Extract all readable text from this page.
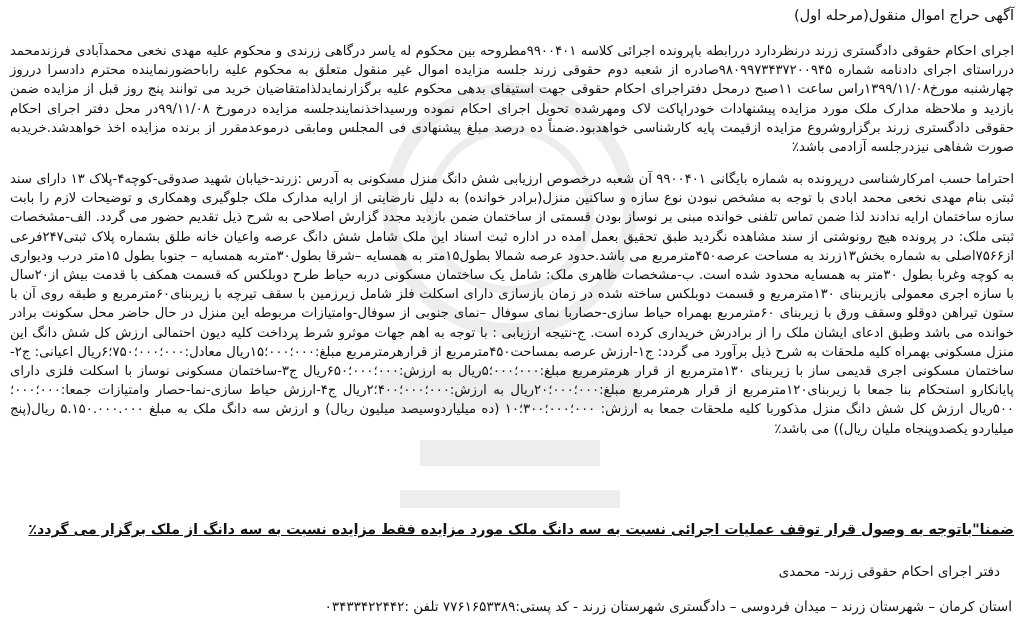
آگهی حراج اموال منقول(مرحله اول)

اجرای احکام حقوقی دادگستری زرند درنظردارد دررابطه باپرونده اجرائی کلاسه ۹۹۰۰۴۰۱مطروحه بین محکوم له یاسر درگاهی زرندی و محکوم علیه مهدی نخعی محمدآبادی فرزندمحمد درراستای اجرای دادنامه شماره ۹۸۰۹۹۷۳۴۳۷۲۰۰۹۴۵صادره از شعبه دوم حقوقی زرند جلسه مزایده اموال غیر منقول متعلق به محکوم علیه راباحضورنماینده محترم دادسرا درروز چهارشنبه مورخ۱۳۹۹/۱۱/۰۸راس ساعت ۱۱صبح درمحل دفتراجرای احکام حقوقی جهت استیفای بدهی محکوم علیه برگزارنمایدلذامتقاضیان خرید می توانند پنج روز قبل از مزایده ضمن بازدید و ملاحظه مدارک ملک مورد مزایده پیشنهادات خودراپاکت لاک ومهرشده تحویل اجرای احکام نموده ورسیداخذنمایندجلسه مزایده درمورخ ۹۹/۱۱/۰۸در محل دفتر اجرای احکام حقوقی دادگستری زرند برگزاروشروع مزایده ازقیمت پایه کارشناسی خواهدبود.ضمناً ده درصد مبلغ پیشنهادی فی المجلس ومابقی درموعدمقرر از برنده مزایده اخذ خواهدشد.خریدبه صورت شفاهی نیزدرجلسه آزادمی باشد٪

احتراما حسب امرکارشناسی درپرونده به شماره بایگانی ۹۹۰۰۴۰۱ آن شعبه درخصوص ارزیابی شش دانگ منزل مسکونی به آدرس :زرند-خیابان شهید صدوقی-کوچه۴-پلاک ۱۳ دارای سند ثبتی بنام مهدی نخعی محمد ابادی با توجه به مشخص نبودن نوع سازه و ساکنین منزل(برادر خوانده) به دلیل نارضایتی از ارایه مدارک ملک جلوگیری وهمکاری و توضیحات لازم را بابت سازه ساختمان ارایه ندادند لذا ضمن تماس تلفنی خوانده مبنی بر نوساز بودن قسمتی از ساختمان ضمن بازدید مجدد گزارش اصلاحی به شرح ذیل تقدیم حضور می گردد. الف-مشخصات ثبتی ملک: در پرونده هیچ رونوشتی از سند مشاهده نگردید طبق تحقیق بعمل امده در اداره ثبت اسناد این ملک شامل شش دانگ عرصه واعیان خانه طلق بشماره پلاک ثبتی۲۴۷فرعی از۷۵۶۶اصلی به شماره بخش۱۳زرند به مساحت عرصه۴۵۰مترمربع می باشد.حدود عرصه شمالا بطول۱۵متر به همسایه –شرقا بطول۳۰متربه همسایه – جنوبا بطول ۱۵متر درب ودیواری به کوچه وغربا بطول ۳۰متر به همسایه محدود شده است. ب-مشخصات ظاهری ملک: شامل یک ساختمان مسکونی دربه حیاط طرح دوبلکس که قسمت همکف با قدمت بیش از۲۰سال با سازه اجری معمولی بازیربنای ۱۳۰مترمربع و قسمت دوبلکس ساخته شده در زمان بازسازی دارای اسکلت فلز شامل زیرزمین با سقف تیرچه با زیربنای۶۰مترمربع و طبقه روی آن با ستون تیراهن دوقلو وسقف ورق با زیربنای ۶۰مترمربع بهمراه حیاط سازی-حصاربا نمای سوفال –نمای جنوبی از سوفال-وامتیازات مربوطه این منزل در حال حاضر محل سکونت برادر خوانده می باشد وطبق ادعای ایشان ملک را از برادرش خریداری کرده است. ج-نتیجه ارزیابی : با توجه به اهم جهات موثرو شرط پرداخت کلیه دیون احتمالی ارزش کل شش دانگ این منزل مسکونی بهمراه کلیه ملحقات به شرح ذیل برآورد می گردد: ج۱-ارزش عرصه بمساحت۴۵۰مترمربع از قرارهرمترمربع مبلغ:۰۰۰؛۰۰۰؛۱۵ریال معادل:۰۰۰؛۰۰۰؛۷۵۰؛۶ریال اعیانی: ج۲-ساختمان مسکونی اجری قدیمی ساز با زیربنای ۱۳۰مترمربع از قرار هرمترمربع مبلغ:۰۰۰؛۰۰۰؛۵ریال به ارزش:۰۰۰؛۰۰۰؛۶۵۰ریال ج۳-ساختمان مسکونی نوساز با اسکلت فلزی دارای پایانکارو استحکام بنا جمعا با زیربنای۱۲۰مترمربع از قرار هرمترمربع مبلغ:۰۰۰؛۰۰۰؛۲۰ریال به ارزش:۰۰۰؛۰۰۰؛۴۰۰؛۲ریال ج۴-ارزش حیاط سازی-نما-حصار وامتیازات جمعا:۰۰۰؛۰۰۰؛۵۰۰ریال ارزش کل شش دانگ منزل مذکوربا کلیه ملحقات جمعا به ارزش: ۰۰۰؛۰۰۰؛۳۰۰؛۱۰ (ده میلیاردوسیصد میلیون ریال) و ارزش سه دانگ ملک به مبلغ ۵.۱۵۰.۰۰۰.۰۰۰ ریال(پنج میلیاردو یکصدوپنجاه ملیان ریال)) می باشد٪

ضمنا"باتوجه به وصول قرار توقف عملیات اجرائی نسبت به سه دانگ ملک مورد مزایده فقط مزایده نسبت به سه دانگ از ملک برگزار می گردد٪

دفتر اجرای احکام حقوقی زرند- محمدی

استان کرمان – شهرستان زرند – میدان فردوسی – دادگستری شهرستان زرند - کد پستی:۷۷۶۱۶۵۳۳۸۹ تلفن :۰۳۴۳۳۴۲۲۴۴۲
